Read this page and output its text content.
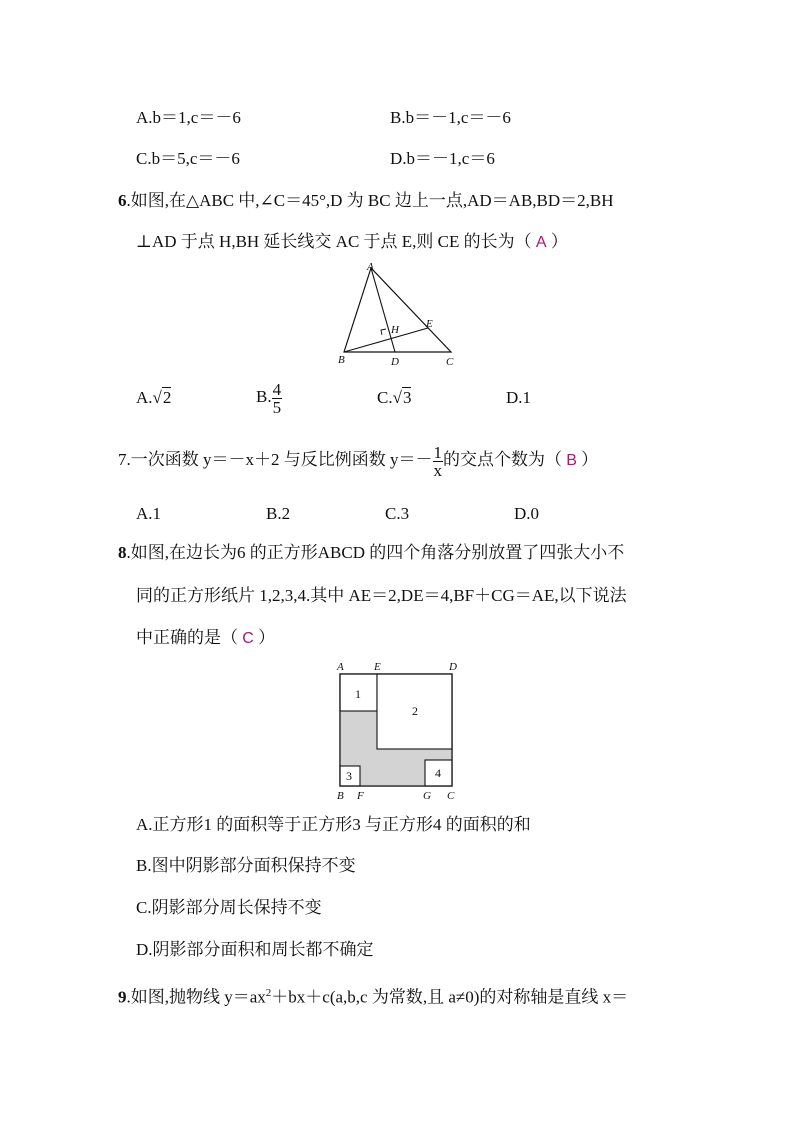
A.b＝1,c＝－6	B.b＝－1,c＝－6
C.b＝5,c＝－6	D.b＝－1,c＝6
6.如图,在△ABC 中,∠C＝45°,D 为 BC 边上一点,AD＝AB,BD＝2,BH
⊥AD 于点 H,BH 延长线交 AC 于点 E,则 CE 的长为（ A ）
A
B	C
D
E
H
A.√2	B. $\frac{4}{5}$	C.√3	D.1
7.一次函数 y＝－x＋2 与反比例函数 $y=- \frac{1}{x}$ 的交点个数为（ B ）
A.1	B.2	C.3	D.0
8.如图,在边长为6 的正方形ABCD 的四个角落分别放置了四张大小不
同的正方形纸片 1,2,3,4.其中 AE＝2,DE＝4,BF＋CG＝AE,以下说法
中正确的是（ C ）
1
2
3	4
A	E	D
B F	G C
A.正方形1 的面积等于正方形3 与正方形4 的面积的和
B.图中阴影部分面积保持不变
C.阴影部分周长保持不变
D.阴影部分面积和周长都不确定
9.如图,抛物线 $y=ax^2+bx+c(a,b,c$ 为常数,且 a≠0)的对称轴是直线 x＝
